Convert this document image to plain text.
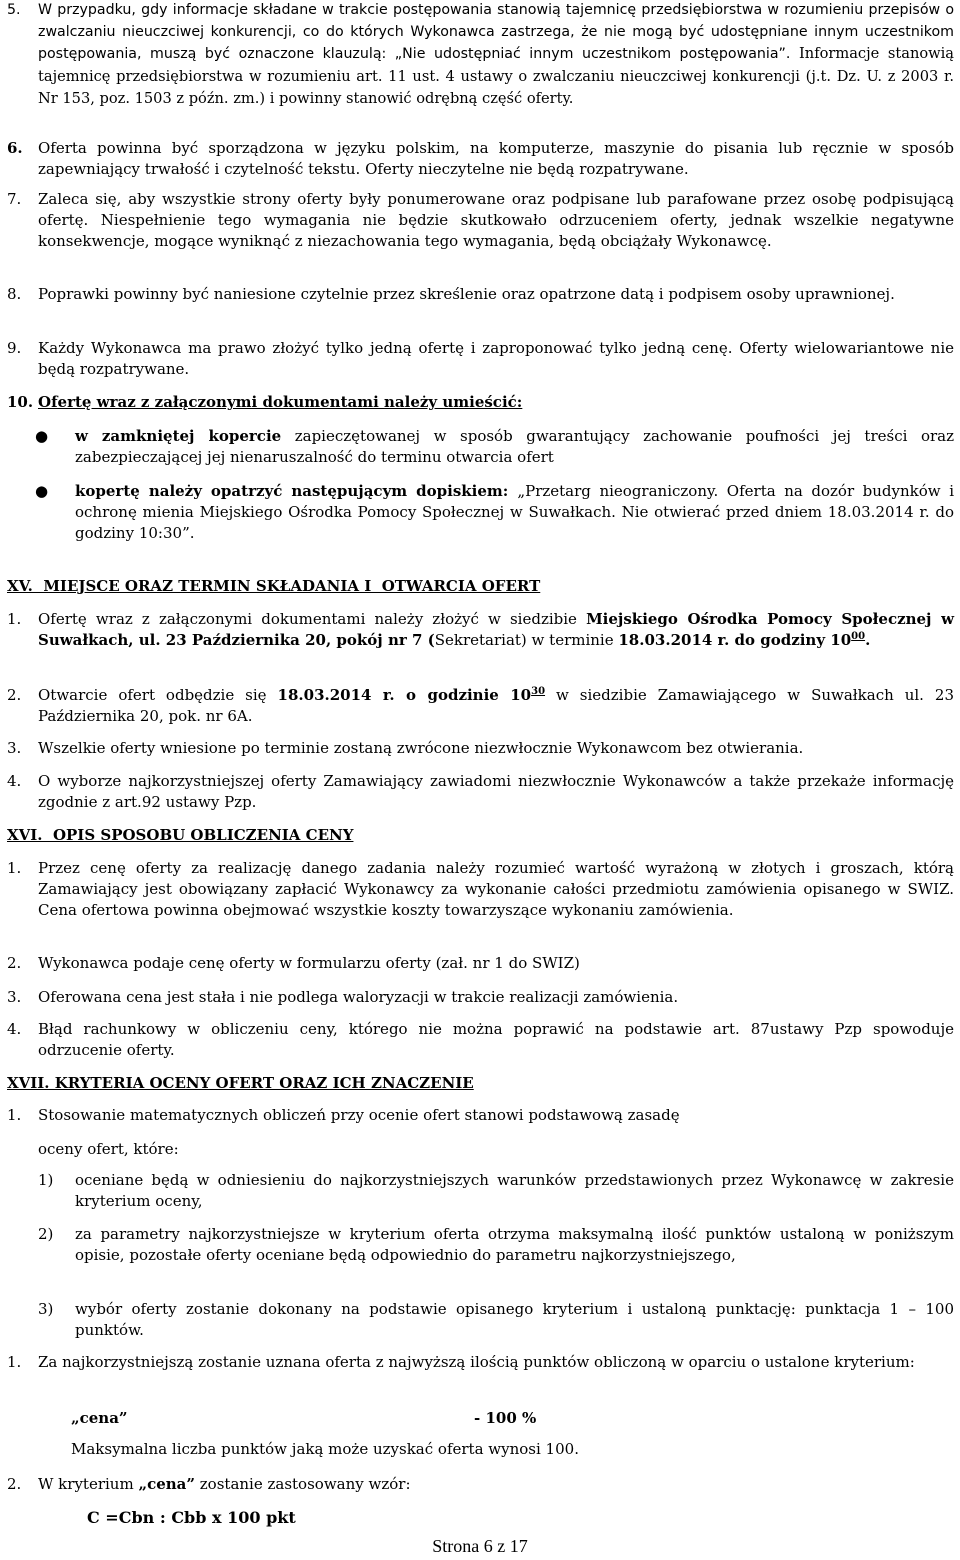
5. W przypadku, gdy informacje składane w trakcie postępowania stanowią tajemnicę przedsiębiorstwa w rozumieniu przepisów o zwalczaniu nieuczciwej konkurencji, co do których Wykonawca zastrzega, że nie mogą być udostępniane innym uczestnikom postępowania, muszą być oznaczone klauzulą: „Nie udostępniać innym uczestnikom postępowania”. Informacje stanowią tajemnicę przedsiębiorstwa w rozumieniu art. 11 ust. 4 ustawy o zwalczaniu nieuczciwej konkurencji (j.t. Dz. U. z 2003 r. Nr 153, poz. 1503 z późn. zm.) i powinny stanowić odrębną część oferty.
6. Oferta powinna być sporządzona w języku polskim, na komputerze, maszynie do pisania lub ręcznie w sposób zapewniający trwałość i czytelność tekstu. Oferty nieczytelne nie będą rozpatrywane.
7. Zaleca się, aby wszystkie strony oferty były ponumerowane oraz podpisane lub parafowane przez osobę podpisującą ofertę. Niespełnienie tego wymagania nie będzie skutkowało odrzuceniem oferty, jednak wszelkie negatywne konsekwencje, mogące wyniknąć z niezachowania tego wymagania, będą obciążały Wykonawcę.
8. Poprawki powinny być naniesione czytelnie przez skreślenie oraz opatrzone datą i podpisem osoby uprawnionej.
9. Każdy Wykonawca ma prawo złożyć tylko jedną ofertę i zaproponować tylko jedną cenę. Oferty wielowariantowe nie będą rozpatrywane.
10. Ofertę wraz z załączonymi dokumentami należy umieścić:
● w zamkniętej kopercie zapieczętowanej w sposób gwarantujący zachowanie poufności jej treści oraz zabezpieczającej jej nienaruszalność do terminu otwarcia ofert
● kopertę należy opatrzyć następującym dopiskiem: „Przetarg nieograniczony. Oferta na dozór budynków i ochronę mienia Miejskiego Ośrodka Pomocy Społecznej w Suwałkach. Nie otwierać przed dniem 18.03.2014 r. do godziny 10:30”.
XV.  MIEJSCE ORAZ TERMIN SKŁADANIA I  OTWARCIA OFERT
1. Ofertę wraz z załączonymi dokumentami należy złożyć w siedzibie Miejskiego Ośrodka Pomocy Społecznej w Suwałkach, ul. 23 Października 20, pokój nr 7 (Sekretariat) w terminie 18.03.2014 r. do godziny $10^{00}$.
2. Otwarcie ofert odbędzie się 18.03.2014 r. o godzinie $10^{30}$ w siedzibie Zamawiającego w Suwałkach ul. 23 Października 20, pok. nr 6A.
3. Wszelkie oferty wniesione po terminie zostaną zwrócone niezwłocznie Wykonawcom bez otwierania.
4. O wyborze najkorzystniejszej oferty Zamawiający zawiadomi niezwłocznie Wykonawców a także przekaże informację zgodnie z art.92 ustawy Pzp.
XVI.  OPIS SPOSOBU OBLICZENIA CENY
1. Przez cenę oferty za realizację danego zadania należy rozumieć wartość wyrażoną w złotych i groszach, którą Zamawiający jest obowiązany zapłacić Wykonawcy za wykonanie całości przedmiotu zamówienia opisanego w SWIZ. Cena ofertowa powinna obejmować wszystkie koszty towarzyszące wykonaniu zamówienia.
2. Wykonawca podaje cenę oferty w formularzu oferty (zał. nr 1 do SWIZ)
3. Oferowana cena jest stała i nie podlega waloryzacji w trakcie realizacji zamówienia.
4. Błąd rachunkowy w obliczeniu ceny, którego nie można poprawić na podstawie art. 87ustawy Pzp spowoduje odrzucenie oferty.
XVII. KRYTERIA OCENY OFERT ORAZ ICH ZNACZENIE
1. Stosowanie matematycznych obliczeń przy ocenie ofert stanowi podstawową zasadę
oceny ofert, które:
1) oceniane będą w odniesieniu do najkorzystniejszych warunków przedstawionych przez Wykonawcę w zakresie kryterium oceny,
2) za parametry najkorzystniejsze w kryterium oferta otrzyma maksymalną ilość punktów ustaloną w poniższym opisie, pozostałe oferty oceniane będą odpowiednio do parametru najkorzystniejszego,
3) wybór oferty zostanie dokonany na podstawie opisanego kryterium i ustaloną punktację: punktacja 1 – 100 punktów.
1. Za najkorzystniejszą zostanie uznana oferta z najwyższą ilością punktów obliczoną w oparciu o ustalone kryterium:
„cena”	- 100 %
Maksymalna liczba punktów jaką może uzyskać oferta wynosi 100.
2. W kryterium „cena” zostanie zastosowany wzór:
C =Cbn : Cbb x 100 pkt
Strona 6 z 17
